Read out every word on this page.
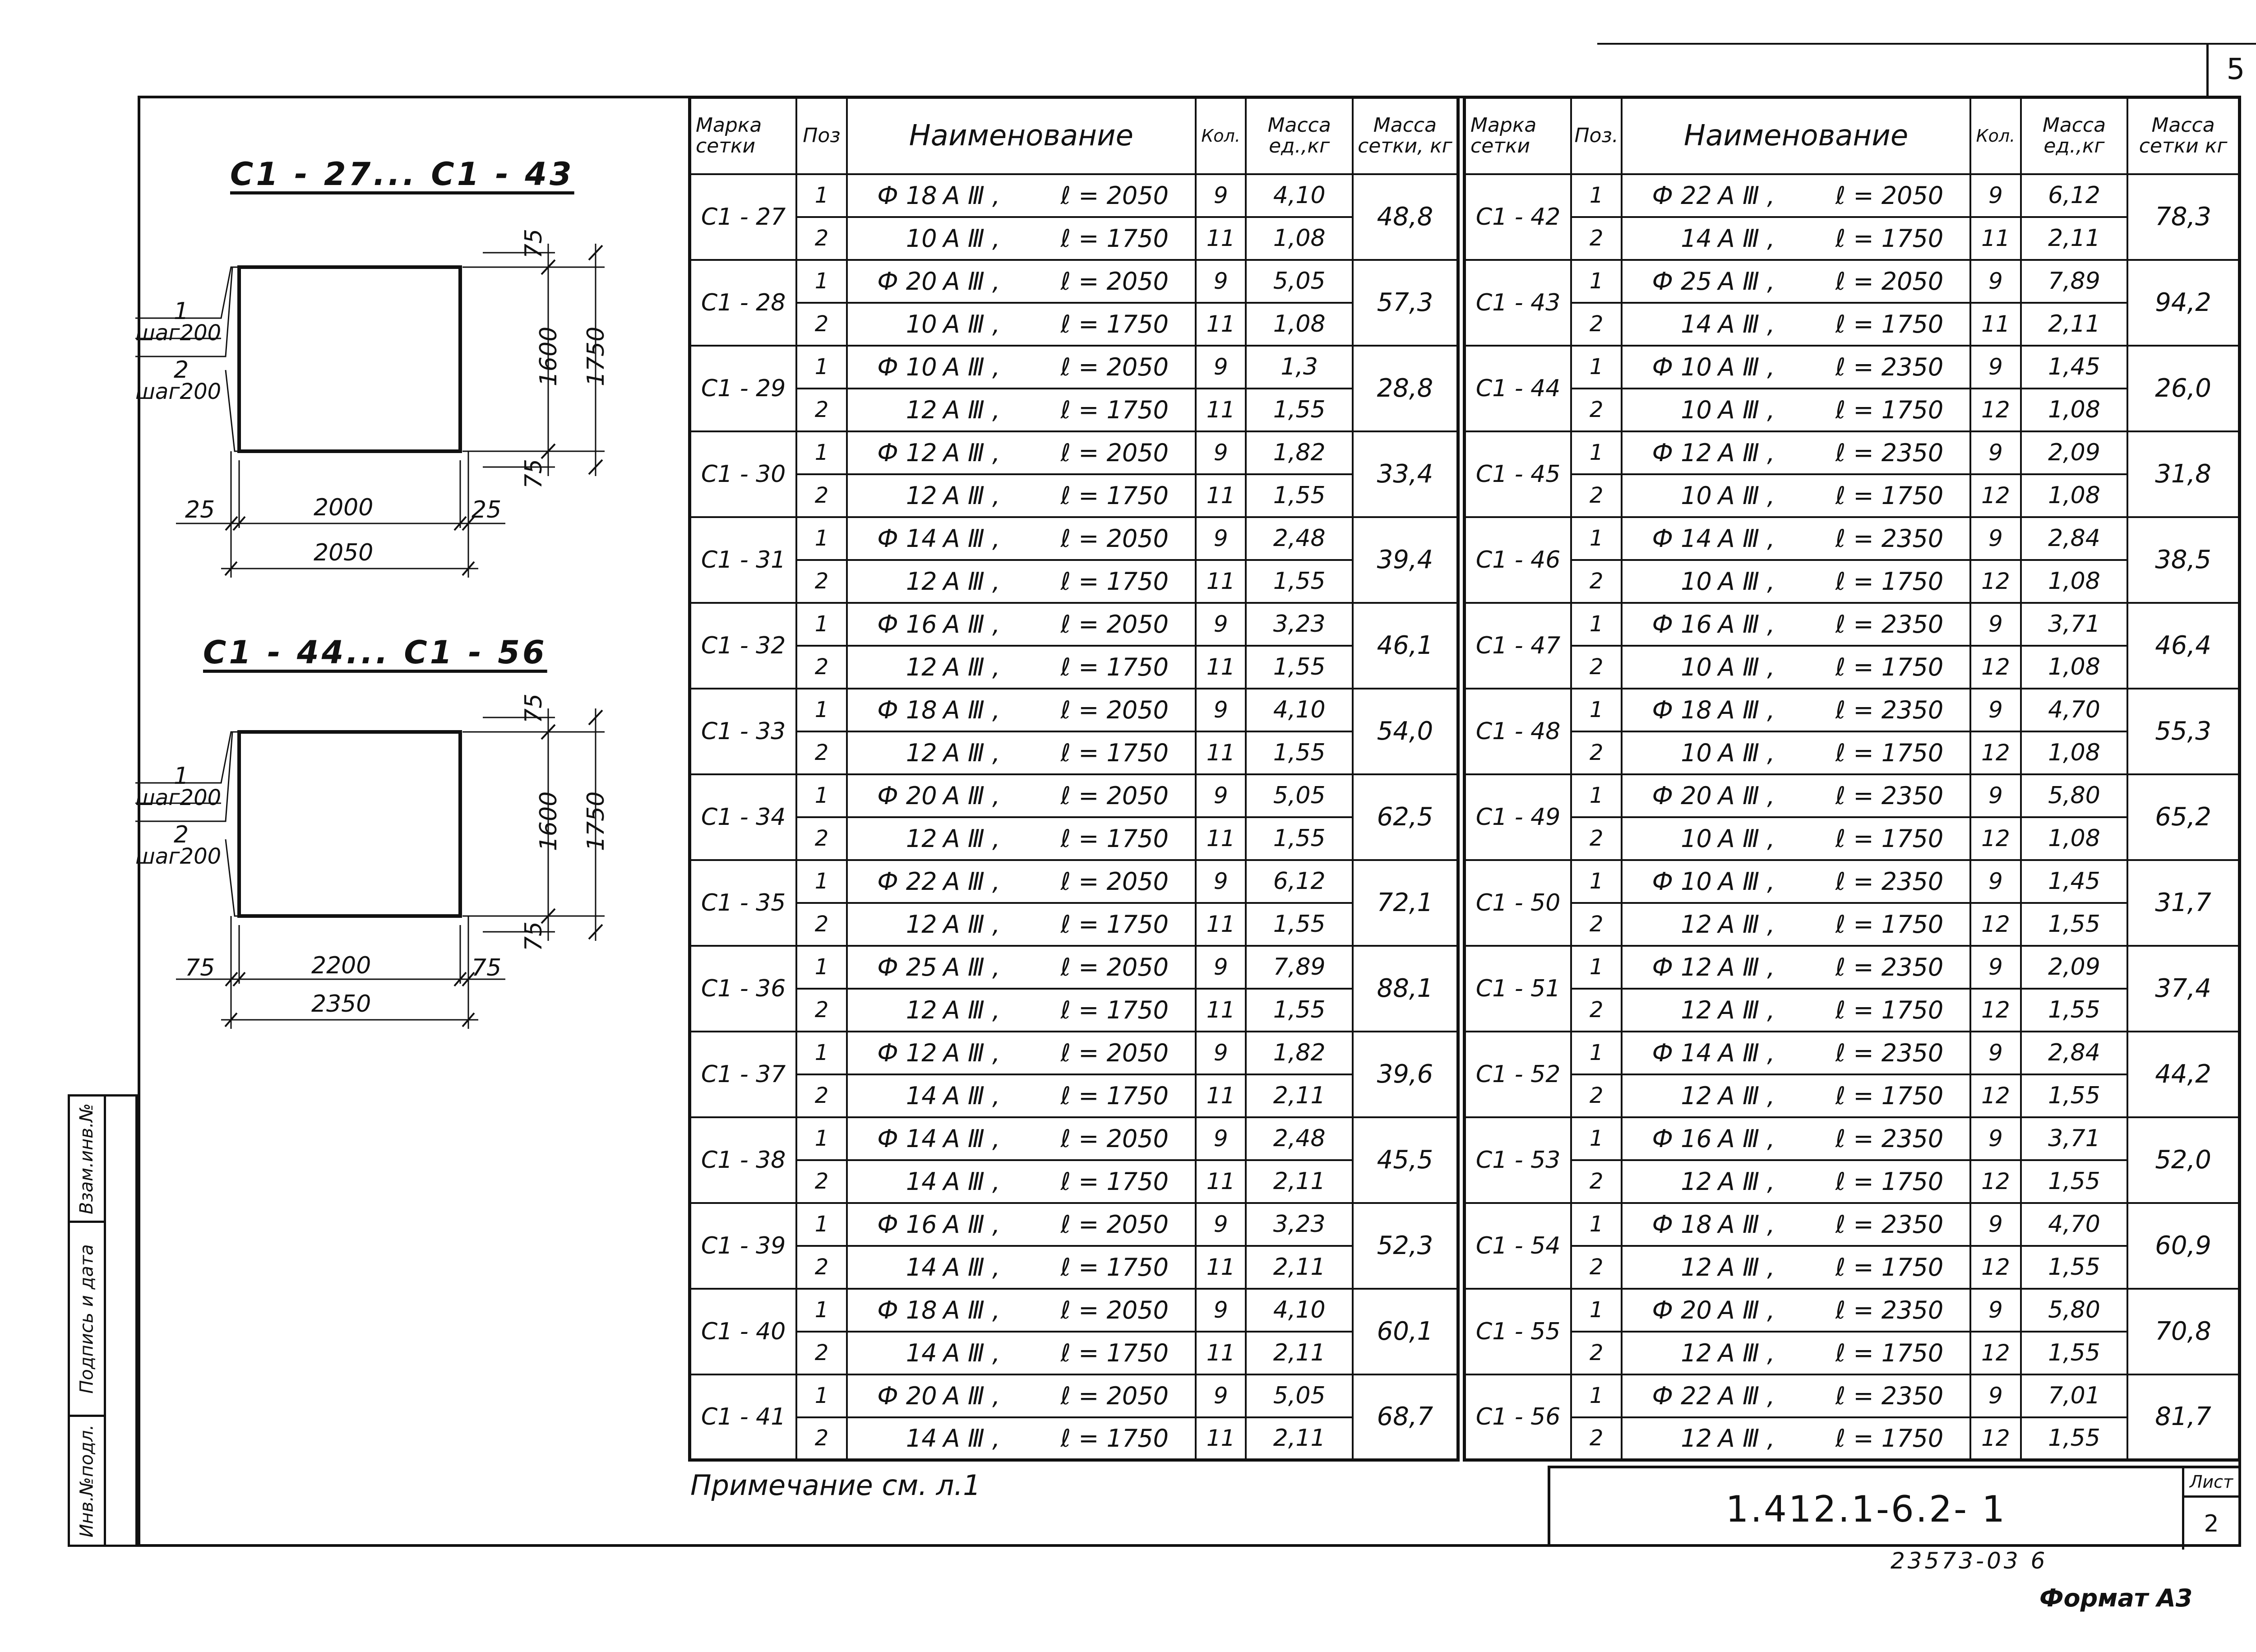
5
Взам.инв.№
Подпись и дата
Инв.№подл.
С1 - 27... С1 - 43
1
шаг200
2
шаг200
75
75
1600 1750
25	25
2000
2050
С1 - 44... С1 - 56
1
шаг200
2
шаг200
75
75
1600 1750
75	75
2200
2350
Марка сетки	Поз	Наименование	Кол.	Масса ед.,кг	Масса сетки, кг
С1 - 27	1	Ф 18 А Ⅲ , ℓ = 2050	9	4,10	48,8
	2	10 А Ⅲ , ℓ = 1750	11	1,08	
С1 - 28	1	Ф 20 А Ⅲ , ℓ = 2050	9	5,05	57,3
	2	10 А Ⅲ , ℓ = 1750	11	1,08	
С1 - 29	1	Ф 10 А Ⅲ , ℓ = 2050	9	1,3	28,8
	2	12 А Ⅲ , ℓ = 1750	11	1,55	
С1 - 30	1	Ф 12 А Ⅲ , ℓ = 2050	9	1,82	33,4
	2	12 А Ⅲ , ℓ = 1750	11	1,55	
С1 - 31	1	Ф 14 А Ⅲ , ℓ = 2050	9	2,48	39,4
	2	12 А Ⅲ , ℓ = 1750	11	1,55	
С1 - 32	1	Ф 16 А Ⅲ , ℓ = 2050	9	3,23	46,1
	2	12 А Ⅲ , ℓ = 1750	11	1,55	
С1 - 33	1	Ф 18 А Ⅲ , ℓ = 2050	9	4,10	54,0
	2	12 А Ⅲ , ℓ = 1750	11	1,55	
С1 - 34	1	Ф 20 А Ⅲ , ℓ = 2050	9	5,05	62,5
	2	12 А Ⅲ , ℓ = 1750	11	1,55	
С1 - 35	1	Ф 22 А Ⅲ , ℓ = 2050	9	6,12	72,1
	2	12 А Ⅲ , ℓ = 1750	11	1,55	
С1 - 36	1	Ф 25 А Ⅲ , ℓ = 2050	9	7,89	88,1
	2	12 А Ⅲ , ℓ = 1750	11	1,55	
С1 - 37	1	Ф 12 А Ⅲ , ℓ = 2050	9	1,82	39,6
	2	14 А Ⅲ , ℓ = 1750	11	2,11	
С1 - 38	1	Ф 14 А Ⅲ , ℓ = 2050	9	2,48	45,5
	2	14 А Ⅲ , ℓ = 1750	11	2,11	
С1 - 39	1	Ф 16 А Ⅲ , ℓ = 2050	9	3,23	52,3
	2	14 А Ⅲ , ℓ = 1750	11	2,11	
С1 - 40	1	Ф 18 А Ⅲ , ℓ = 2050	9	4,10	60,1
	2	14 А Ⅲ , ℓ = 1750	11	2,11	
С1 - 41	1	Ф 20 А Ⅲ , ℓ = 2050	9	5,05	68,7
	2	14 А Ⅲ , ℓ = 1750	11	2,11	
Марка сетки	Поз.	Наименование	Кол.	Масса ед.,кг	Масса сетки кг
С1 - 42	1	Ф 22 А Ⅲ , ℓ = 2050	9	6,12	78,3
	2	14 А Ⅲ , ℓ = 1750	11	2,11	
С1 - 43	1	Ф 25 А Ⅲ , ℓ = 2050	9	7,89	94,2
	2	14 А Ⅲ , ℓ = 1750	11	2,11	
С1 - 44	1	Ф 10 А Ⅲ , ℓ = 2350	9	1,45	26,0
	2	10 А Ⅲ , ℓ = 1750	12	1,08	
С1 - 45	1	Ф 12 А Ⅲ , ℓ = 2350	9	2,09	31,8
	2	10 А Ⅲ , ℓ = 1750	12	1,08	
С1 - 46	1	Ф 14 А Ⅲ , ℓ = 2350	9	2,84	38,5
	2	10 А Ⅲ , ℓ = 1750	12	1,08	
С1 - 47	1	Ф 16 А Ⅲ , ℓ = 2350	9	3,71	46,4
	2	10 А Ⅲ , ℓ = 1750	12	1,08	
С1 - 48	1	Ф 18 А Ⅲ , ℓ = 2350	9	4,70	55,3
	2	10 А Ⅲ , ℓ = 1750	12	1,08	
С1 - 49	1	Ф 20 А Ⅲ , ℓ = 2350	9	5,80	65,2
	2	10 А Ⅲ , ℓ = 1750	12	1,08	
С1 - 50	1	Ф 10 А Ⅲ , ℓ = 2350	9	1,45	31,7
	2	12 А Ⅲ , ℓ = 1750	12	1,55	
С1 - 51	1	Ф 12 А Ⅲ , ℓ = 2350	9	2,09	37,4
	2	12 А Ⅲ , ℓ = 1750	12	1,55	
С1 - 52	1	Ф 14 А Ⅲ , ℓ = 2350	9	2,84	44,2
	2	12 А Ⅲ , ℓ = 1750	12	1,55	
С1 - 53	1	Ф 16 А Ⅲ , ℓ = 2350	9	3,71	52,0
	2	12 А Ⅲ , ℓ = 1750	12	1,55	
С1 - 54	1	Ф 18 А Ⅲ , ℓ = 2350	9	4,70	60,9
	2	12 А Ⅲ , ℓ = 1750	12	1,55	
С1 - 55	1	Ф 20 А Ⅲ , ℓ = 2350	9	5,80	70,8
	2	12 А Ⅲ , ℓ = 1750	12	1,55	
С1 - 56	1	Ф 22 А Ⅲ , ℓ = 2350	9	7,01	81,7
	2	12 А Ⅲ , ℓ = 1750	12	1,55	
Примечание см. л.1
1.412.1-6.2- 1
Лист
2
23573-03 6
Формат А3
